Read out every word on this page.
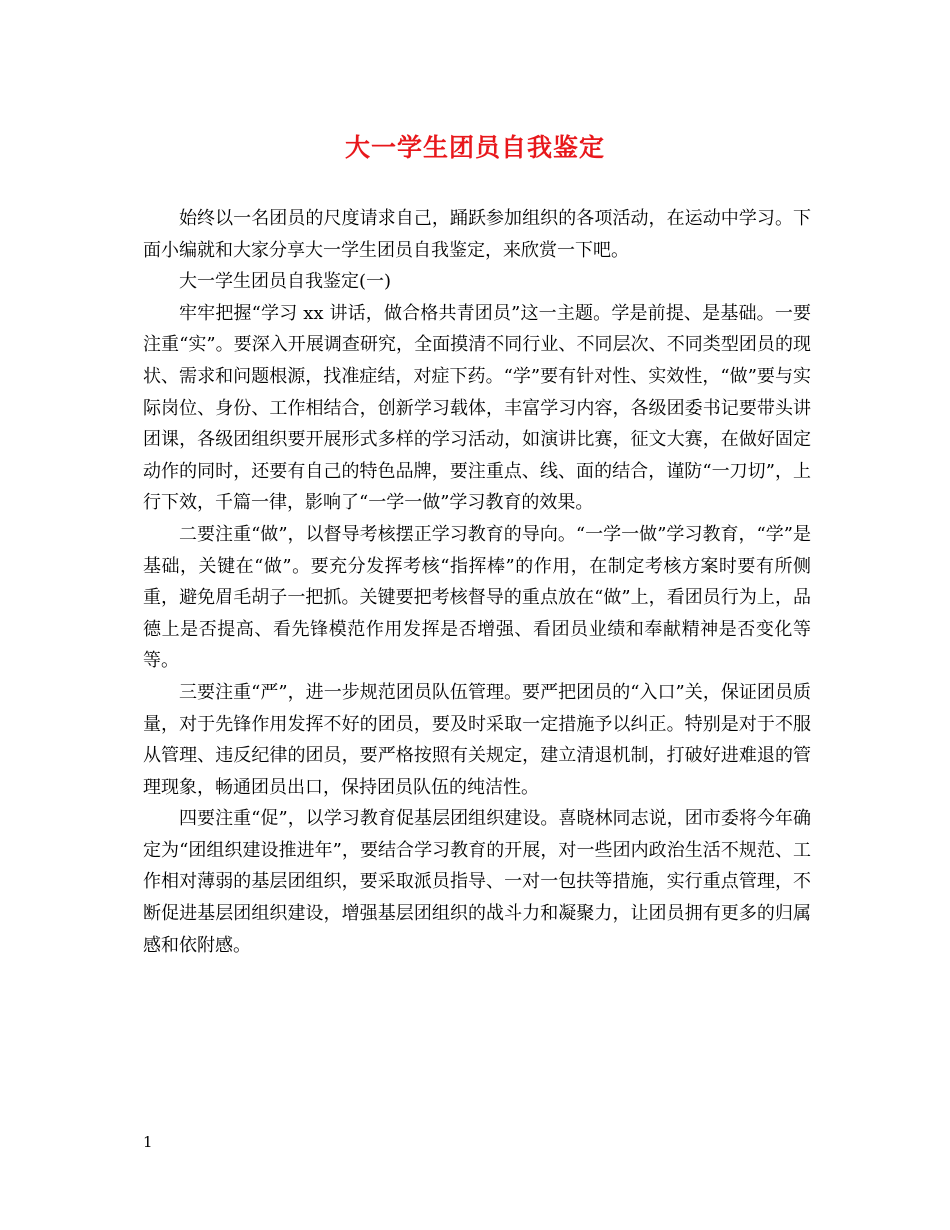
大一学生团员自我鉴定

始终以一名团员的尺度请求自己，踊跃参加组织的各项活动，在运动中学习。下面小编就和大家分享大一学生团员自我鉴定，来欣赏一下吧。

大一学生团员自我鉴定(一)

牢牢把握“学习 xx 讲话，做合格共青团员”这一主题。学是前提、是基础。一要注重“实”。要深入开展调查研究，全面摸清不同行业、不同层次、不同类型团员的现状、需求和问题根源，找准症结，对症下药。“学”要有针对性、实效性，“做”要与实际岗位、身份、工作相结合，创新学习载体，丰富学习内容，各级团委书记要带头讲团课，各级团组织要开展形式多样的学习活动，如演讲比赛，征文大赛，在做好固定动作的同时，还要有自己的特色品牌，要注重点、线、面的结合，谨防“一刀切”，上行下效，千篇一律，影响了“一学一做”学习教育的效果。

二要注重“做”，以督导考核摆正学习教育的导向。“一学一做”学习教育，“学”是基础，关键在“做”。要充分发挥考核“指挥棒”的作用，在制定考核方案时要有所侧重，避免眉毛胡子一把抓。关键要把考核督导的重点放在“做”上，看团员行为上，品德上是否提高、看先锋模范作用发挥是否增强、看团员业绩和奉献精神是否变化等等。

三要注重“严”，进一步规范团员队伍管理。要严把团员的“入口”关，保证团员质量，对于先锋作用发挥不好的团员，要及时采取一定措施予以纠正。特别是对于不服从管理、违反纪律的团员，要严格按照有关规定，建立清退机制，打破好进难退的管理现象，畅通团员出口，保持团员队伍的纯洁性。

四要注重“促”，以学习教育促基层团组织建设。喜晓林同志说，团市委将今年确定为“团组织建设推进年”，要结合学习教育的开展，对一些团内政治生活不规范、工作相对薄弱的基层团组织，要采取派员指导、一对一包扶等措施，实行重点管理，不断促进基层团组织建设，增强基层团组织的战斗力和凝聚力，让团员拥有更多的归属感和依附感。

1
